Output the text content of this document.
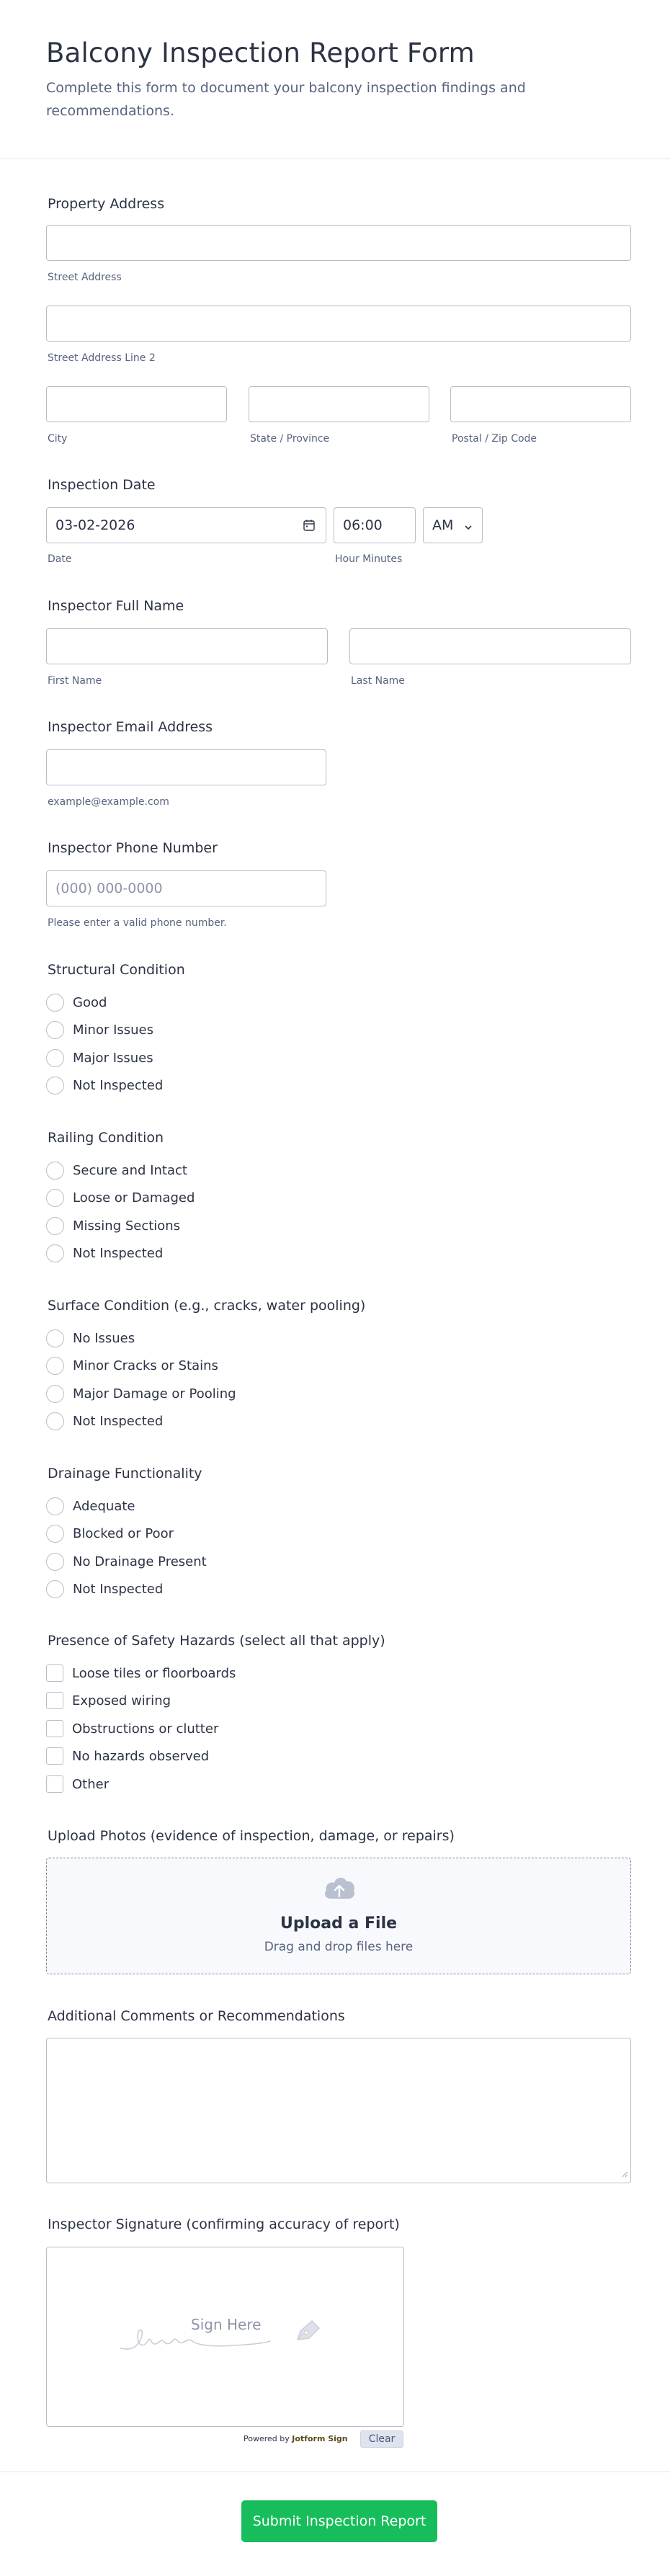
Balcony Inspection Report Form
Complete this form to document your balcony inspection findings and recommendations.
Property Address
Street Address
Street Address Line 2
City	State / Province	Postal / Zip Code
Inspection Date
03-02-2026
Date
06:00
Hour Minutes
AM
Inspector Full Name
First Name	Last Name
Inspector Email Address
example@example.com
Inspector Phone Number
(000) 000-0000
Please enter a valid phone number.
Structural Condition
Good
Minor Issues
Major Issues
Not Inspected
Railing Condition
Secure and Intact
Loose or Damaged
Missing Sections
Not Inspected
Surface Condition (e.g., cracks, water pooling)
No Issues
Minor Cracks or Stains
Major Damage or Pooling
Not Inspected
Drainage Functionality
Adequate
Blocked or Poor
No Drainage Present
Not Inspected
Presence of Safety Hazards (select all that apply)
Loose tiles or floorboards
Exposed wiring
Obstructions or clutter
No hazards observed
Other
Upload Photos (evidence of inspection, damage, or repairs)
Upload a File
Drag and drop files here
Additional Comments or Recommendations
Inspector Signature (confirming accuracy of report)
Sign Here
Powered by Jotform Sign	Clear
Submit Inspection Report
